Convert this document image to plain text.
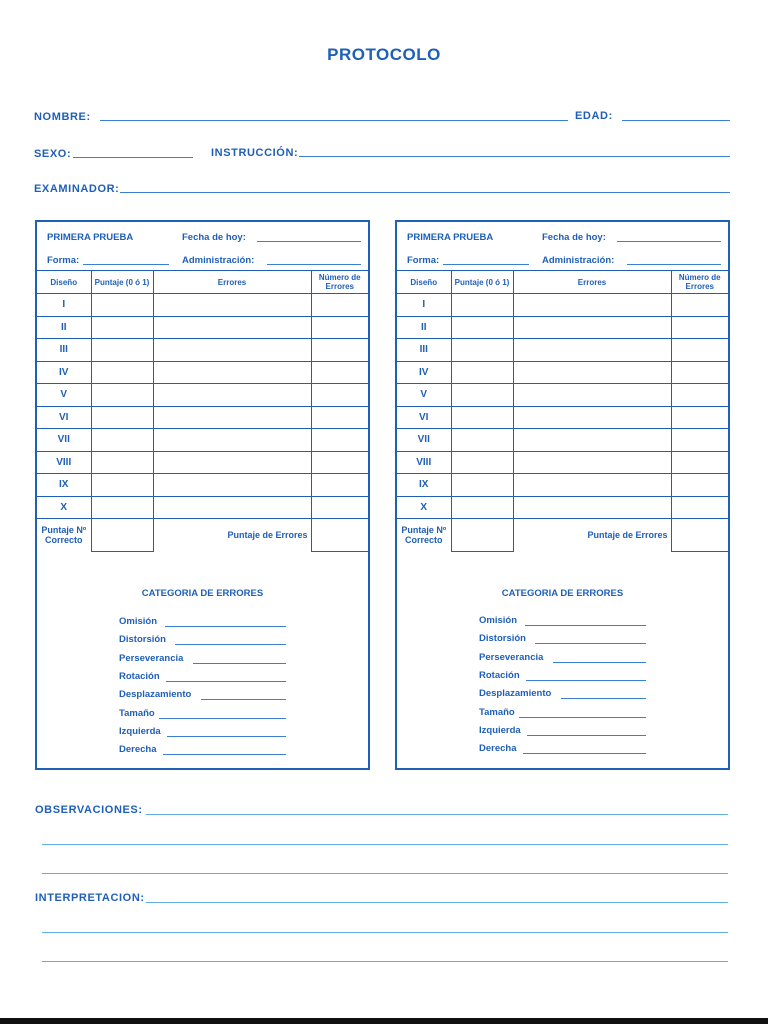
PROTOCOLO
NOMBRE:	EDAD:
SEXO:	INSTRUCCIÓN:
EXAMINADOR:
PRIMERA PRUEBA	Fecha de hoy:
Forma:	Administración:
Diseño	Puntaje (0 ó 1)	Errores	Número de Errores
I			
II			
III			
IV			
V			
VI			
VII			
VIII			
IX			
X			
Puntaje Nº Correcto		Puntaje de Errores	
CATEGORIA DE ERRORES
Omisión
Distorsión
Perseverancia
Rotación
Desplazamiento
Tamaño
Izquierda
Derecha
PRIMERA PRUEBA	Fecha de hoy:
Forma:	Administración:
Diseño	Puntaje (0 ó 1)	Errores	Número de Errores
I			
II			
III			
IV			
V			
VI			
VII			
VIII			
IX			
X			
Puntaje Nº Correcto		Puntaje de Errores	
CATEGORIA DE ERRORES
Omisión
Distorsión
Perseverancia
Rotación
Desplazamiento
Tamaño
Izquierda
Derecha
OBSERVACIONES:
INTERPRETACION:
